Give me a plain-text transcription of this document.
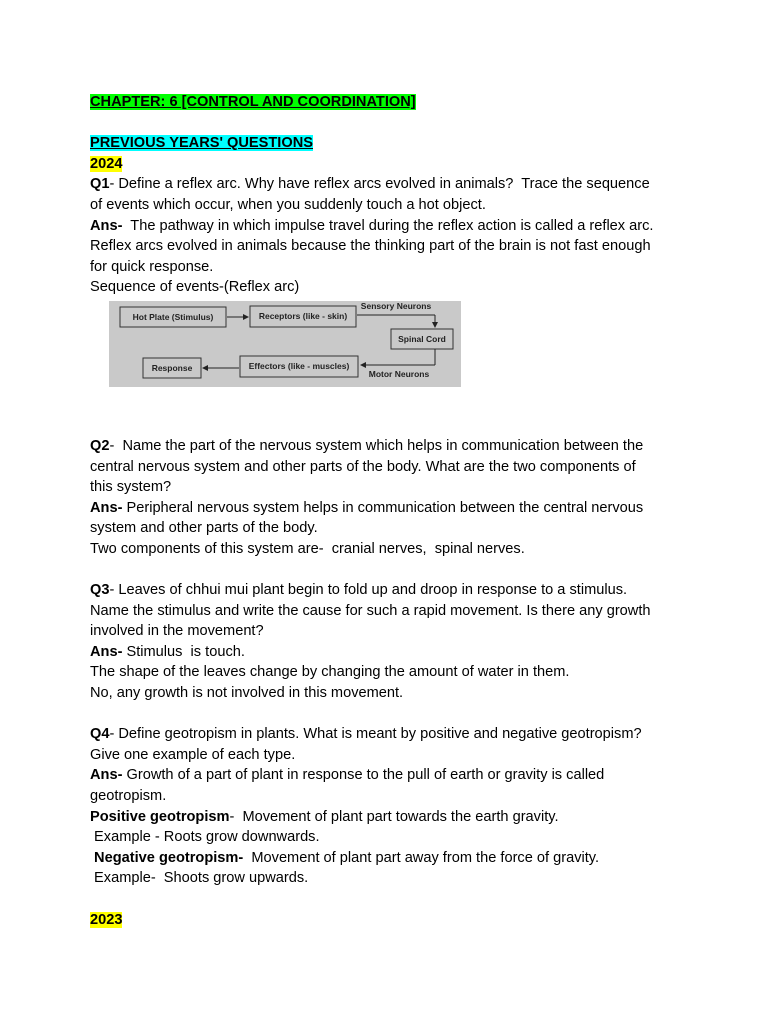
CHAPTER: 6 [CONTROL AND COORDINATION]
PREVIOUS YEARS' QUESTIONS
2024
Q1- Define a reflex arc. Why have reflex arcs evolved in animals?  Trace the sequence
of events which occur, when you suddenly touch a hot object.
Ans-  The pathway in which impulse travel during the reflex action is called a reflex arc.
Reflex arcs evolved in animals because the thinking part of the brain is not fast enough
for quick response.
Sequence of events-(Reflex arc)
Hot Plate (Stimulus)	Receptors (like - skin)
Sensory Neurons
Spinal Cord
Motor Neurons
Effectors (like - muscles)
Response
Q2-  Name the part of the nervous system which helps in communication between the
central nervous system and other parts of the body. What are the two components of
this system?
Ans- Peripheral nervous system helps in communication between the central nervous
system and other parts of the body.
Two components of this system are-  cranial nerves,  spinal nerves.
Q3- Leaves of chhui mui plant begin to fold up and droop in response to a stimulus.
Name the stimulus and write the cause for such a rapid movement. Is there any growth
involved in the movement?
Ans- Stimulus  is touch.
The shape of the leaves change by changing the amount of water in them.
No, any growth is not involved in this movement.
Q4- Define geotropism in plants. What is meant by positive and negative geotropism?
Give one example of each type.
Ans- Growth of a part of plant in response to the pull of earth or gravity is called
geotropism.
Positive geotropism-  Movement of plant part towards the earth gravity.
Example - Roots grow downwards.
Negative geotropism-  Movement of plant part away from the force of gravity.
Example-  Shoots grow upwards.
2023
